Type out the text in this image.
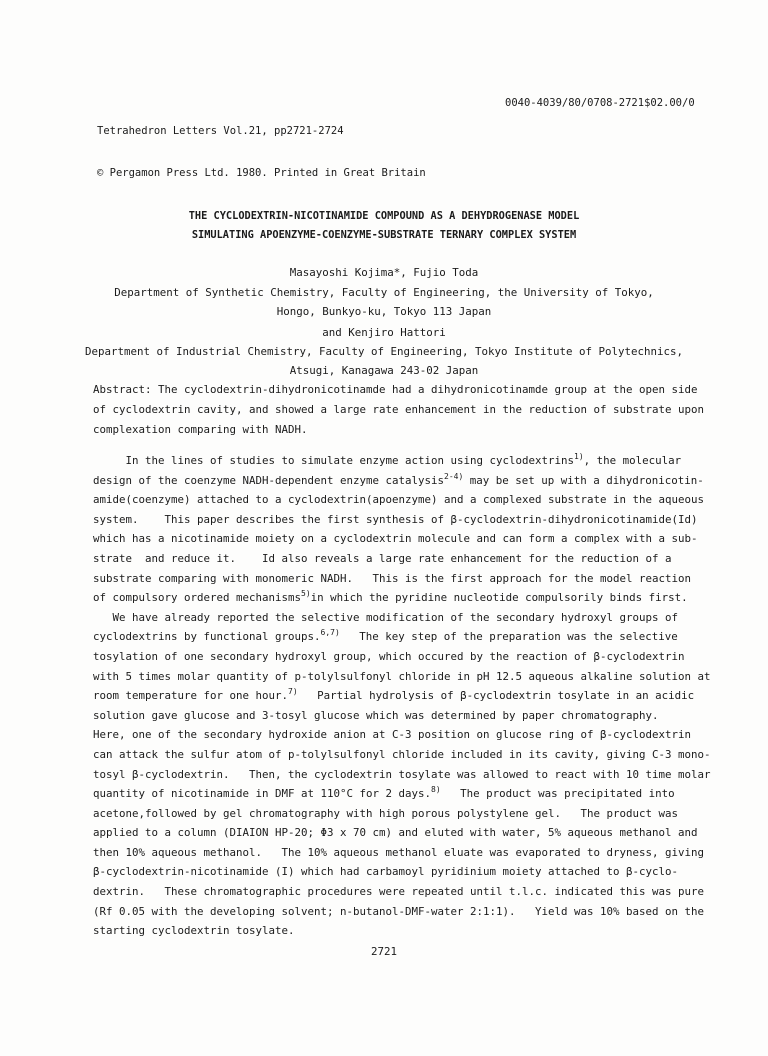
Tetrahedron Letters Vol.21, pp2721-2724

© Pergamon Press Ltd. 1980. Printed in Great Britain

0040-4039/80/0708-2721$02.00/0
THE CYCLODEXTRIN-NICOTINAMIDE COMPOUND AS A DEHYDROGENASE MODEL
SIMULATING APOENZYME-COENZYME-SUBSTRATE TERNARY COMPLEX SYSTEM
Masayoshi Kojima*, Fujio Toda
Department of Synthetic Chemistry, Faculty of Engineering, the University of Tokyo,
Hongo, Bunkyo-ku, Tokyo 113 Japan
and Kenjiro Hattori
Department of Industrial Chemistry, Faculty of Engineering, Tokyo Institute of Polytechnics,
Atsugi, Kanagawa 243-02 Japan

Abstract: The cyclodextrin-dihydronicotinamde had a dihydronicotinamde group at the open side

of cyclodextrin cavity, and showed a large rate enhancement in the reduction of substrate upon

complexation comparing with NADH.

In the lines of studies to simulate enzyme action using cyclodextrins$^{1)}$, the molecular

design of the coenzyme NADH-dependent enzyme catalysis$^{2-4)}$ may be set up with a dihydronicotin-

amide(coenzyme) attached to a cyclodextrin(apoenzyme) and a complexed substrate in the aqueous

system.    This paper describes the first synthesis of β-cyclodextrin-dihydronicotinamide(Id)

which has a nicotinamide moiety on a cyclodextrin molecule and can form a complex with a sub-

strate  and reduce it.    Id also reveals a large rate enhancement for the reduction of a

substrate comparing with monomeric NADH.   This is the first approach for the model reaction

of compulsory ordered mechanisms$^{5)}$in which the pyridine nucleotide compulsorily binds first.

We have already reported the selective modification of the secondary hydroxyl groups of

cyclodextrins by functional groups.$^{6,7)}$   The key step of the preparation was the selective

tosylation of one secondary hydroxyl group, which occured by the reaction of β-cyclodextrin

with 5 times molar quantity of p-tolylsulfonyl chloride in pH 12.5 aqueous alkaline solution at

room temperature for one hour.$^{7)}$   Partial hydrolysis of β-cyclodextrin tosylate in an acidic

solution gave glucose and 3-tosyl glucose which was determined by paper chromatography.

Here, one of the secondary hydroxide anion at C-3 position on glucose ring of β-cyclodextrin

can attack the sulfur atom of p-tolylsulfonyl chloride included in its cavity, giving C-3 mono-

tosyl β-cyclodextrin.   Then, the cyclodextrin tosylate was allowed to react with 10 time molar

quantity of nicotinamide in DMF at 110°C for 2 days.$^{8)}$   The product was precipitated into

acetone,followed by gel chromatography with high porous polystylene gel.   The product was

applied to a column (DIAION HP-20; Φ3 x 70 cm) and eluted with water, 5% aqueous methanol and

then 10% aqueous methanol.   The 10% aqueous methanol eluate was evaporated to dryness, giving

β-cyclodextrin-nicotinamide (I) which had carbamoyl pyridinium moiety attached to β-cyclo-

dextrin.   These chromatographic procedures were repeated until t.l.c. indicated this was pure

(Rf 0.05 with the developing solvent; n-butanol-DMF-water 2:1:1).   Yield was 10% based on the

starting cyclodextrin tosylate.

2721
